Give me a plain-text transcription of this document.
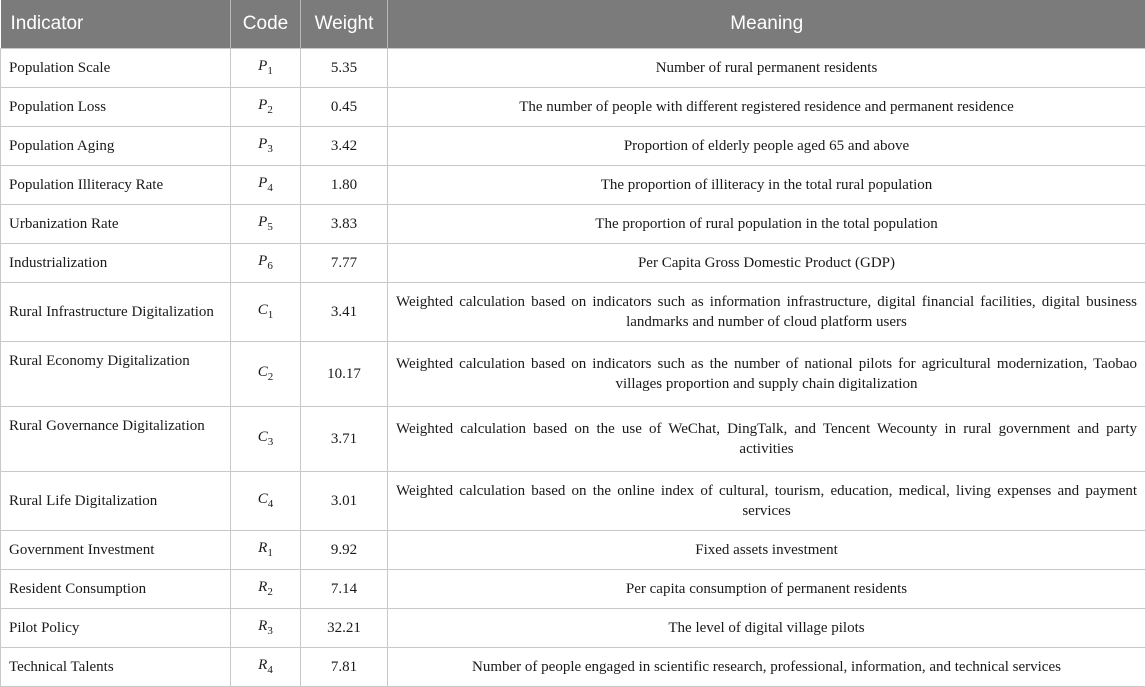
Indicator	Code	Weight	Meaning
Population Scale	$P_1$	5.35	Number of rural permanent residents
Population Loss	$P_2$	0.45	The number of people with different registered residence and permanent residence
Population Aging	$P_3$	3.42	Proportion of elderly people aged 65 and above
Population Illiteracy Rate	$P_4$	1.80	The proportion of illiteracy in the total rural population
Urbanization Rate	$P_5$	3.83	The proportion of rural population in the total population
Industrialization	$P_6$	7.77	Per Capita Gross Domestic Product (GDP)
Rural Infrastructure Digitalization	$C_1$	3.41	Weighted calculation based on indicators such as information infrastructure, digital financial facilities, digital business landmarks and number of cloud platform users
Rural Economy Digitalization	$C_2$	10.17	Weighted calculation based on indicators such as the number of national pilots for agricultural modernization, Taobao villages proportion and supply chain digitalization
Rural Governance Digitalization	$C_3$	3.71	Weighted calculation based on the use of WeChat, DingTalk, and Tencent Wecounty in rural government and party activities
Rural Life Digitalization	$C_4$	3.01	Weighted calculation based on the online index of cultural, tourism, education, medical, living expenses and payment services
Government Investment	$R_1$	9.92	Fixed assets investment
Resident Consumption	$R_2$	7.14	Per capita consumption of permanent residents
Pilot Policy	$R_3$	32.21	The level of digital village pilots
Technical Talents	$R_4$	7.81	Number of people engaged in scientific research, professional, information, and technical services
